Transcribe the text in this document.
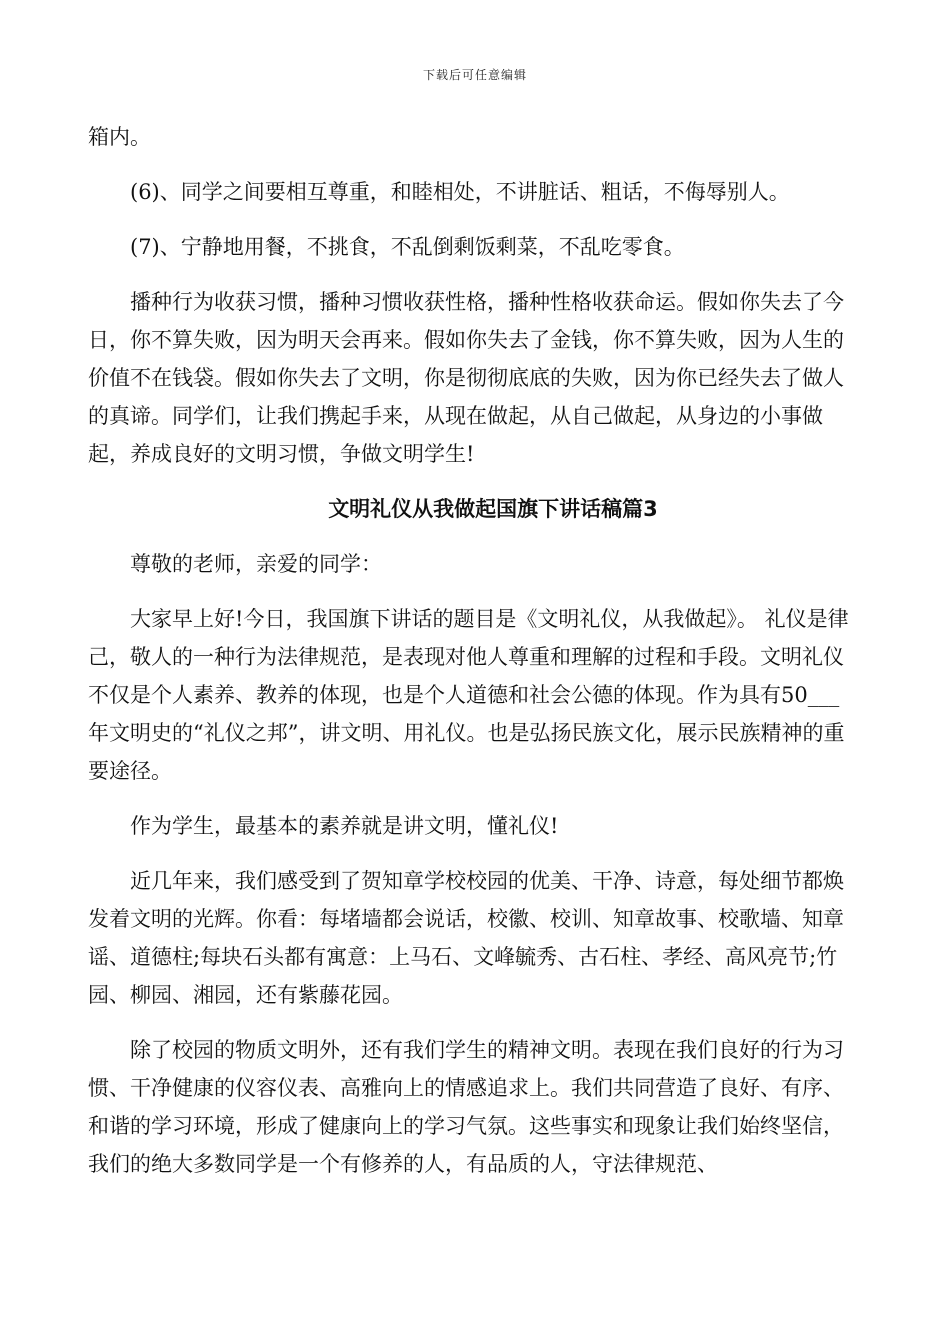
下载后可任意编辑

箱内。

(6)、同学之间要相互尊重，和睦相处，不讲脏话、粗话，不侮辱别人。

(7)、宁静地用餐，不挑食，不乱倒剩饭剩菜，不乱吃零食。

播种行为收获习惯，播种习惯收获性格，播种性格收获命运。假如你失去了今日，你不算失败，因为明天会再来。假如你失去了金钱，你不算失败，因为人生的价值不在钱袋。假如你失去了文明，你是彻彻底底的失败，因为你已经失去了做人的真谛。同学们，让我们携起手来，从现在做起，从自己做起，从身边的小事做起，养成良好的文明习惯，争做文明学生!

文明礼仪从我做起国旗下讲话稿篇3

尊敬的老师，亲爱的同学：

大家早上好!今日，我国旗下讲话的题目是《文明礼仪，从我做起》。 礼仪是律己，敬人的一种行为法律规范，是表现对他人尊重和理解的过程和手段。文明礼仪不仅是个人素养、教养的体现，也是个人道德和社会公德的体现。作为具有50___年文明史的“礼仪之邦”，讲文明、用礼仪。也是弘扬民族文化，展示民族精神的重要途径。

作为学生，最基本的素养就是讲文明，懂礼仪!

近几年来，我们感受到了贺知章学校校园的优美、干净、诗意，每处细节都焕发着文明的光辉。你看：每堵墙都会说话，校徽、校训、知章故事、校歌墙、知章谣、道德柱;每块石头都有寓意：上马石、文峰毓秀、古石柱、孝经、高风亮节;竹园、柳园、湘园，还有紫藤花园。

除了校园的物质文明外，还有我们学生的精神文明。表现在我们良好的行为习惯、干净健康的仪容仪表、高雅向上的情感追求上。我们共同营造了良好、有序、和谐的学习环境，形成了健康向上的学习气氛。这些事实和现象让我们始终坚信，我们的绝大多数同学是一个有修养的人，有品质的人，守法律规范、
